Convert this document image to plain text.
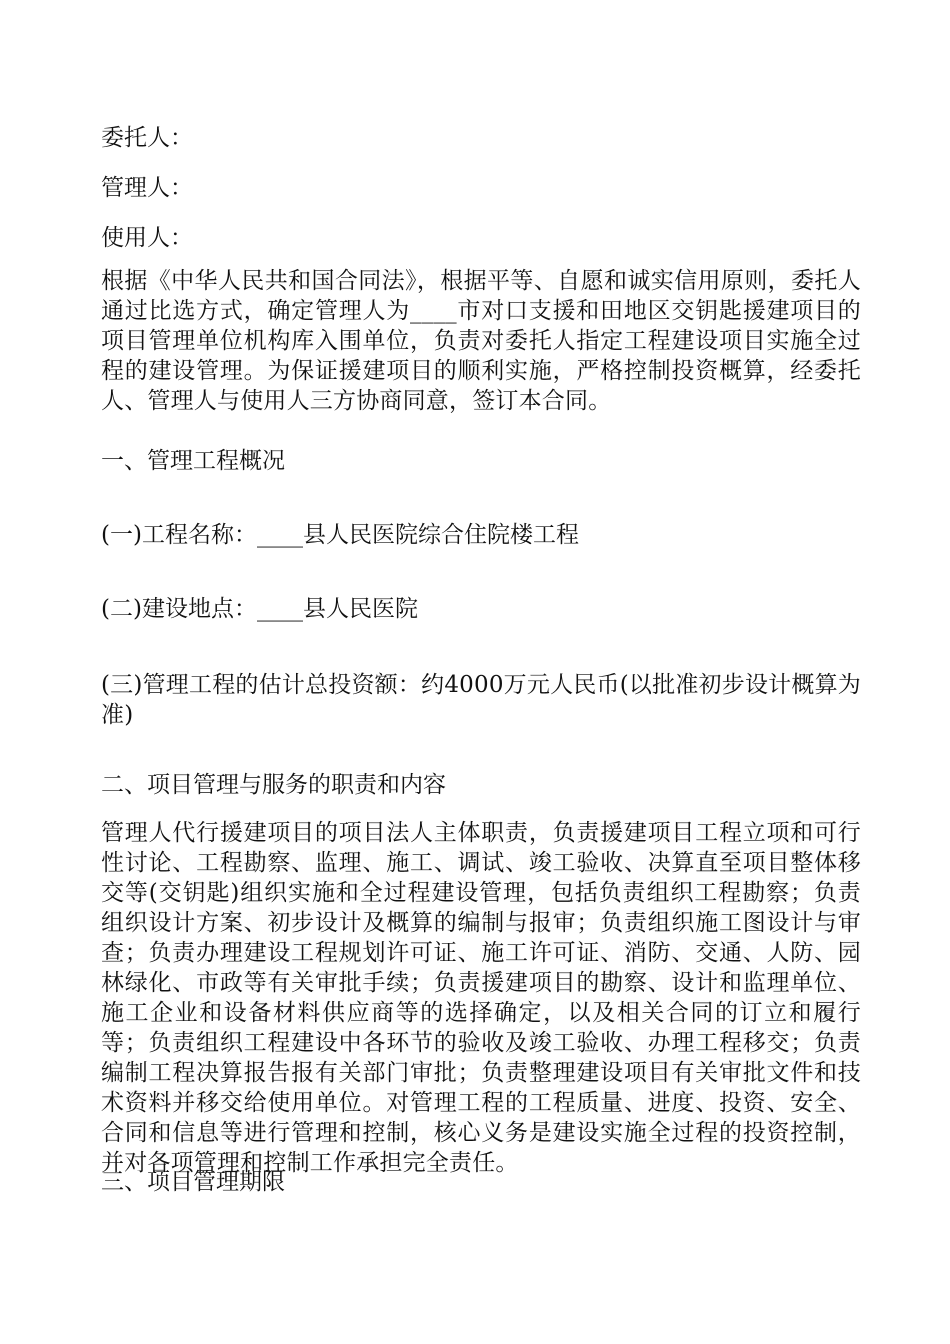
委托人：

管理人：

使用人：

根据《中华人民共和国合同法》，根据平等、自愿和诚实信用原则，委托人通过比选方式，确定管理人为____市对口支援和田地区交钥匙援建项目的项目管理单位机构库入围单位，负责对委托人指定工程建设项目实施全过程的建设管理。为保证援建项目的顺利实施，严格控制投资概算，经委托人、管理人与使用人三方协商同意，签订本合同。

一、管理工程概况

(一)工程名称：____县人民医院综合住院楼工程

(二)建设地点：____县人民医院

(三)管理工程的估计总投资额：约4000万元人民币(以批准初步设计概算为准)

二、项目管理与服务的职责和内容

管理人代行援建项目的项目法人主体职责，负责援建项目工程立项和可行性讨论、工程勘察、监理、施工、调试、竣工验收、决算直至项目整体移交等(交钥匙)组织实施和全过程建设管理，包括负责组织工程勘察；负责组织设计方案、初步设计及概算的编制与报审；负责组织施工图设计与审查；负责办理建设工程规划许可证、施工许可证、消防、交通、人防、园林绿化、市政等有关审批手续；负责援建项目的勘察、设计和监理单位、施工企业和设备材料供应商等的选择确定，以及相关合同的订立和履行等；负责组织工程建设中各环节的验收及竣工验收、办理工程移交；负责编制工程决算报告报有关部门审批；负责整理建设项目有关审批文件和技术资料并移交给使用单位。对管理工程的工程质量、进度、投资、安全、合同和信息等进行管理和控制，核心义务是建设实施全过程的投资控制，并对各项管理和控制工作承担完全责任。

三、项目管理期限
